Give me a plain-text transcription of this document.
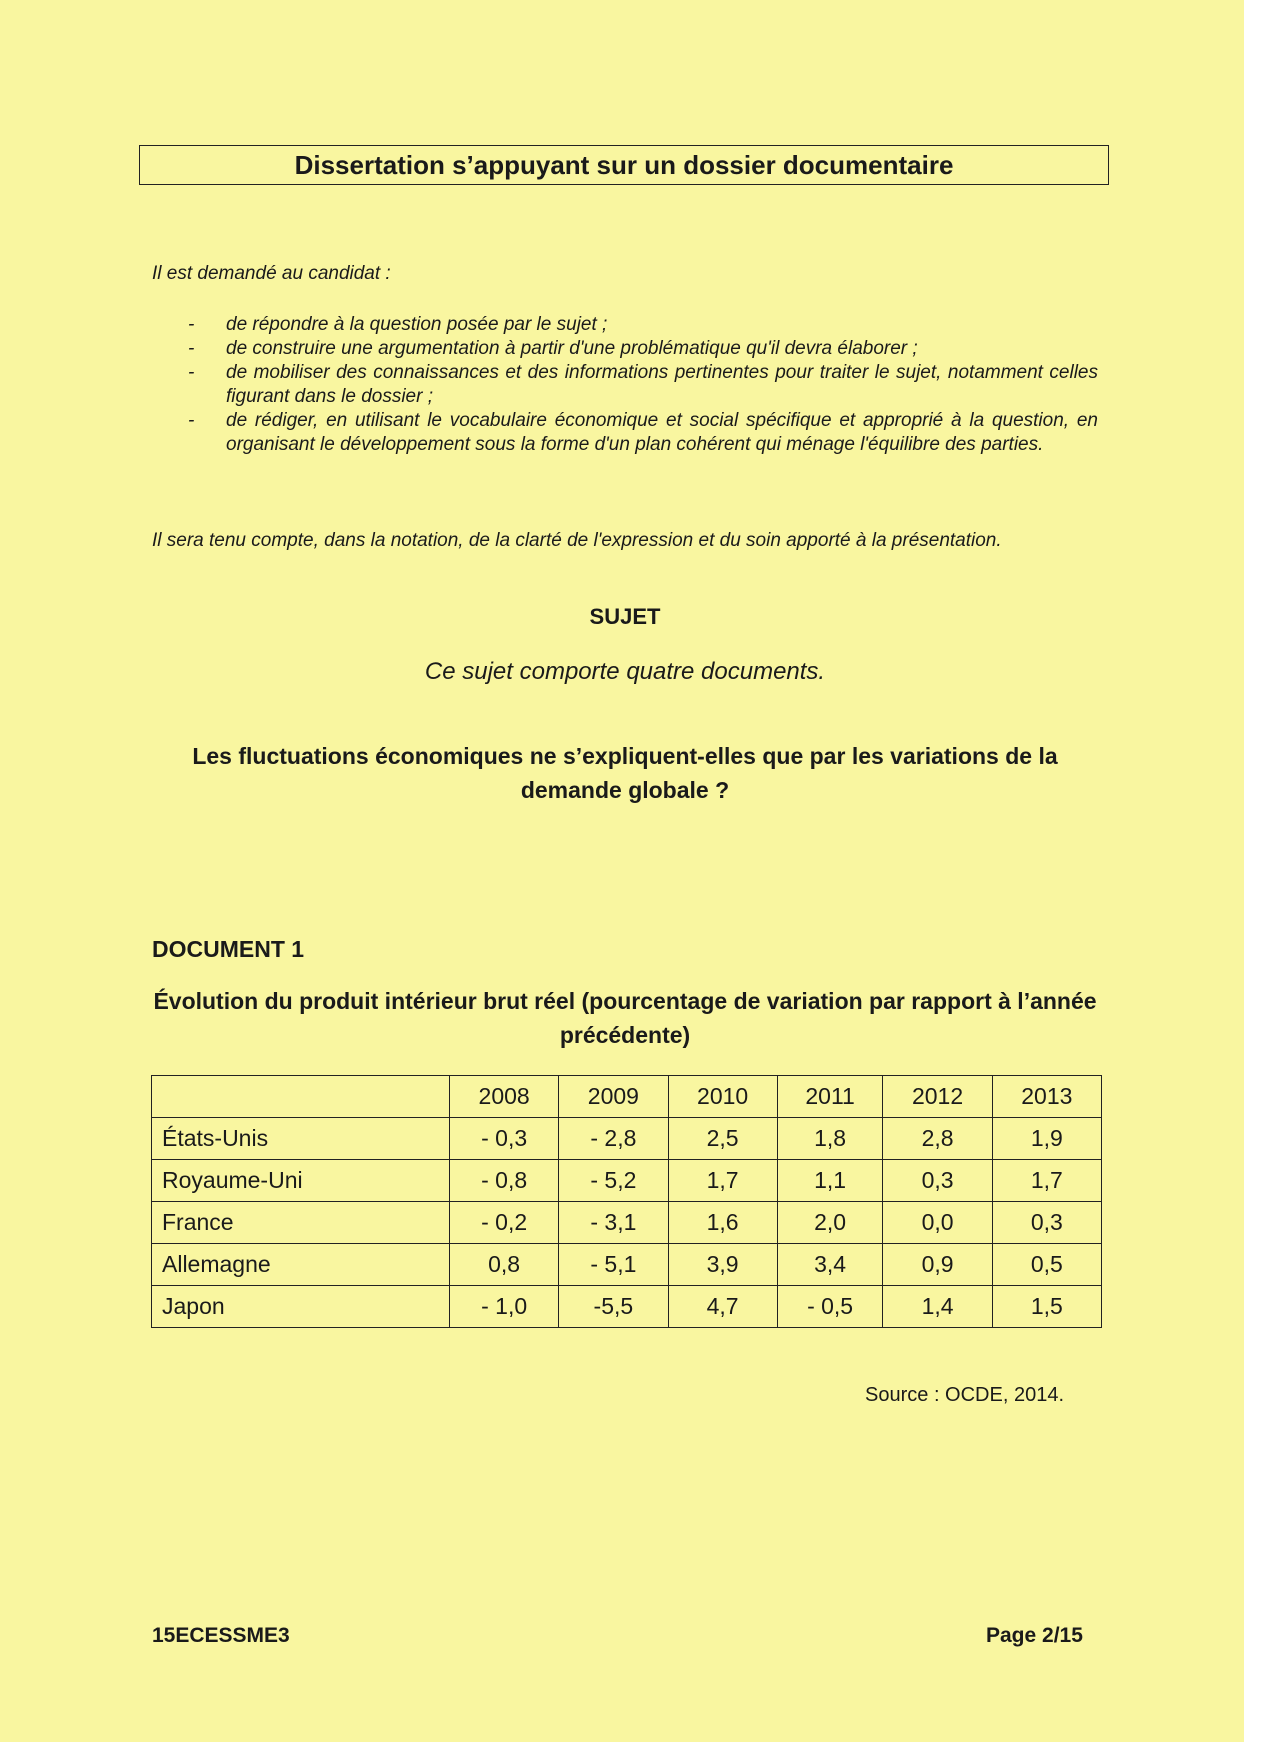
Dissertation s’appuyant sur un dossier documentaire
Il est demandé au candidat :
- de répondre à la question posée par le sujet ;
- de construire une argumentation à partir d'une problématique qu'il devra élaborer ;
- de mobiliser des connaissances et des informations pertinentes pour traiter le sujet, notamment celles figurant dans le dossier ;
- de rédiger, en utilisant le vocabulaire économique et social spécifique et approprié à la question, en organisant le développement sous la forme d'un plan cohérent qui ménage l'équilibre des parties.
Il sera tenu compte, dans la notation, de la clarté de l'expression et du soin apporté à la présentation.
SUJET
Ce sujet comporte quatre documents.
Les fluctuations économiques ne s’expliquent-elles que par les variations de la demande globale ?
DOCUMENT 1
Évolution du produit intérieur brut réel (pourcentage de variation par rapport à l’année précédente)
	2008	2009	2010	2011	2012	2013
États-Unis	- 0,3	- 2,8	2,5	1,8	2,8	1,9
Royaume-Uni	- 0,8	- 5,2	1,7	1,1	0,3	1,7
France	- 0,2	- 3,1	1,6	2,0	0,0	0,3
Allemagne	0,8	- 5,1	3,9	3,4	0,9	0,5
Japon	- 1,0	-5,5	4,7	- 0,5	1,4	1,5
Source : OCDE, 2014.
15ECESSME3	Page 2/15
